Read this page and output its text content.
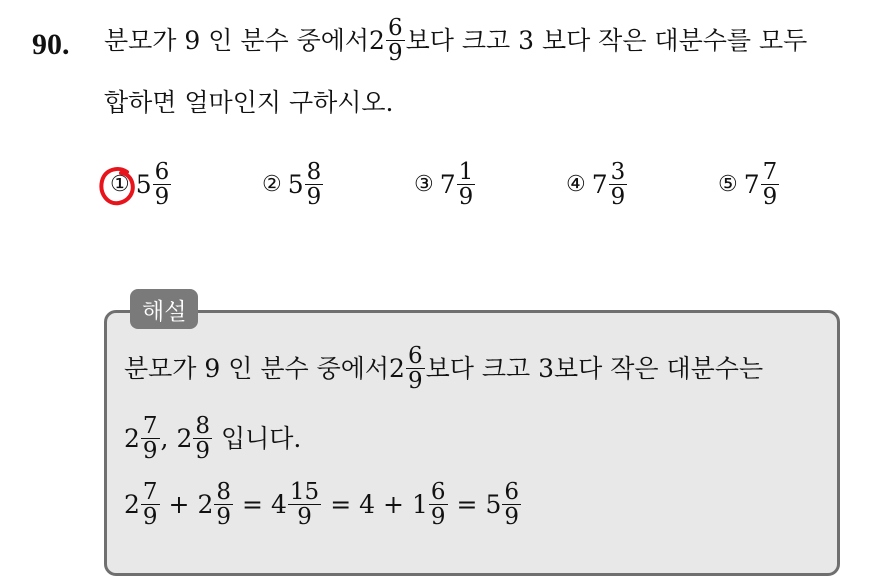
90. 분모가 9 인 분수 중에서 $2 \frac{6}{9}$ 보다 크고 3 보다 작은 대분수를 모두
합하면 얼마인지 구하시오.
① $5 \frac{6}{9}$	② $5 \frac{8}{9}$	③ $7 \frac{1}{9}$	④ $7 \frac{3}{9}$	⑤ $7 \frac{7}{9}$
해설
분모가 9 인 분수 중에서 $2 \frac{6}{9}$ 보다 크고 3보다 작은 대분수는
$2 \frac{7}{9}$ , $2 \frac{8}{9}$ 입니다.
$2 \frac{7}{9} + 2 \frac{8}{9} = 4 \frac{15}{9} = 4 + 1 \frac{6}{9} = 5 \frac{6}{9}$
